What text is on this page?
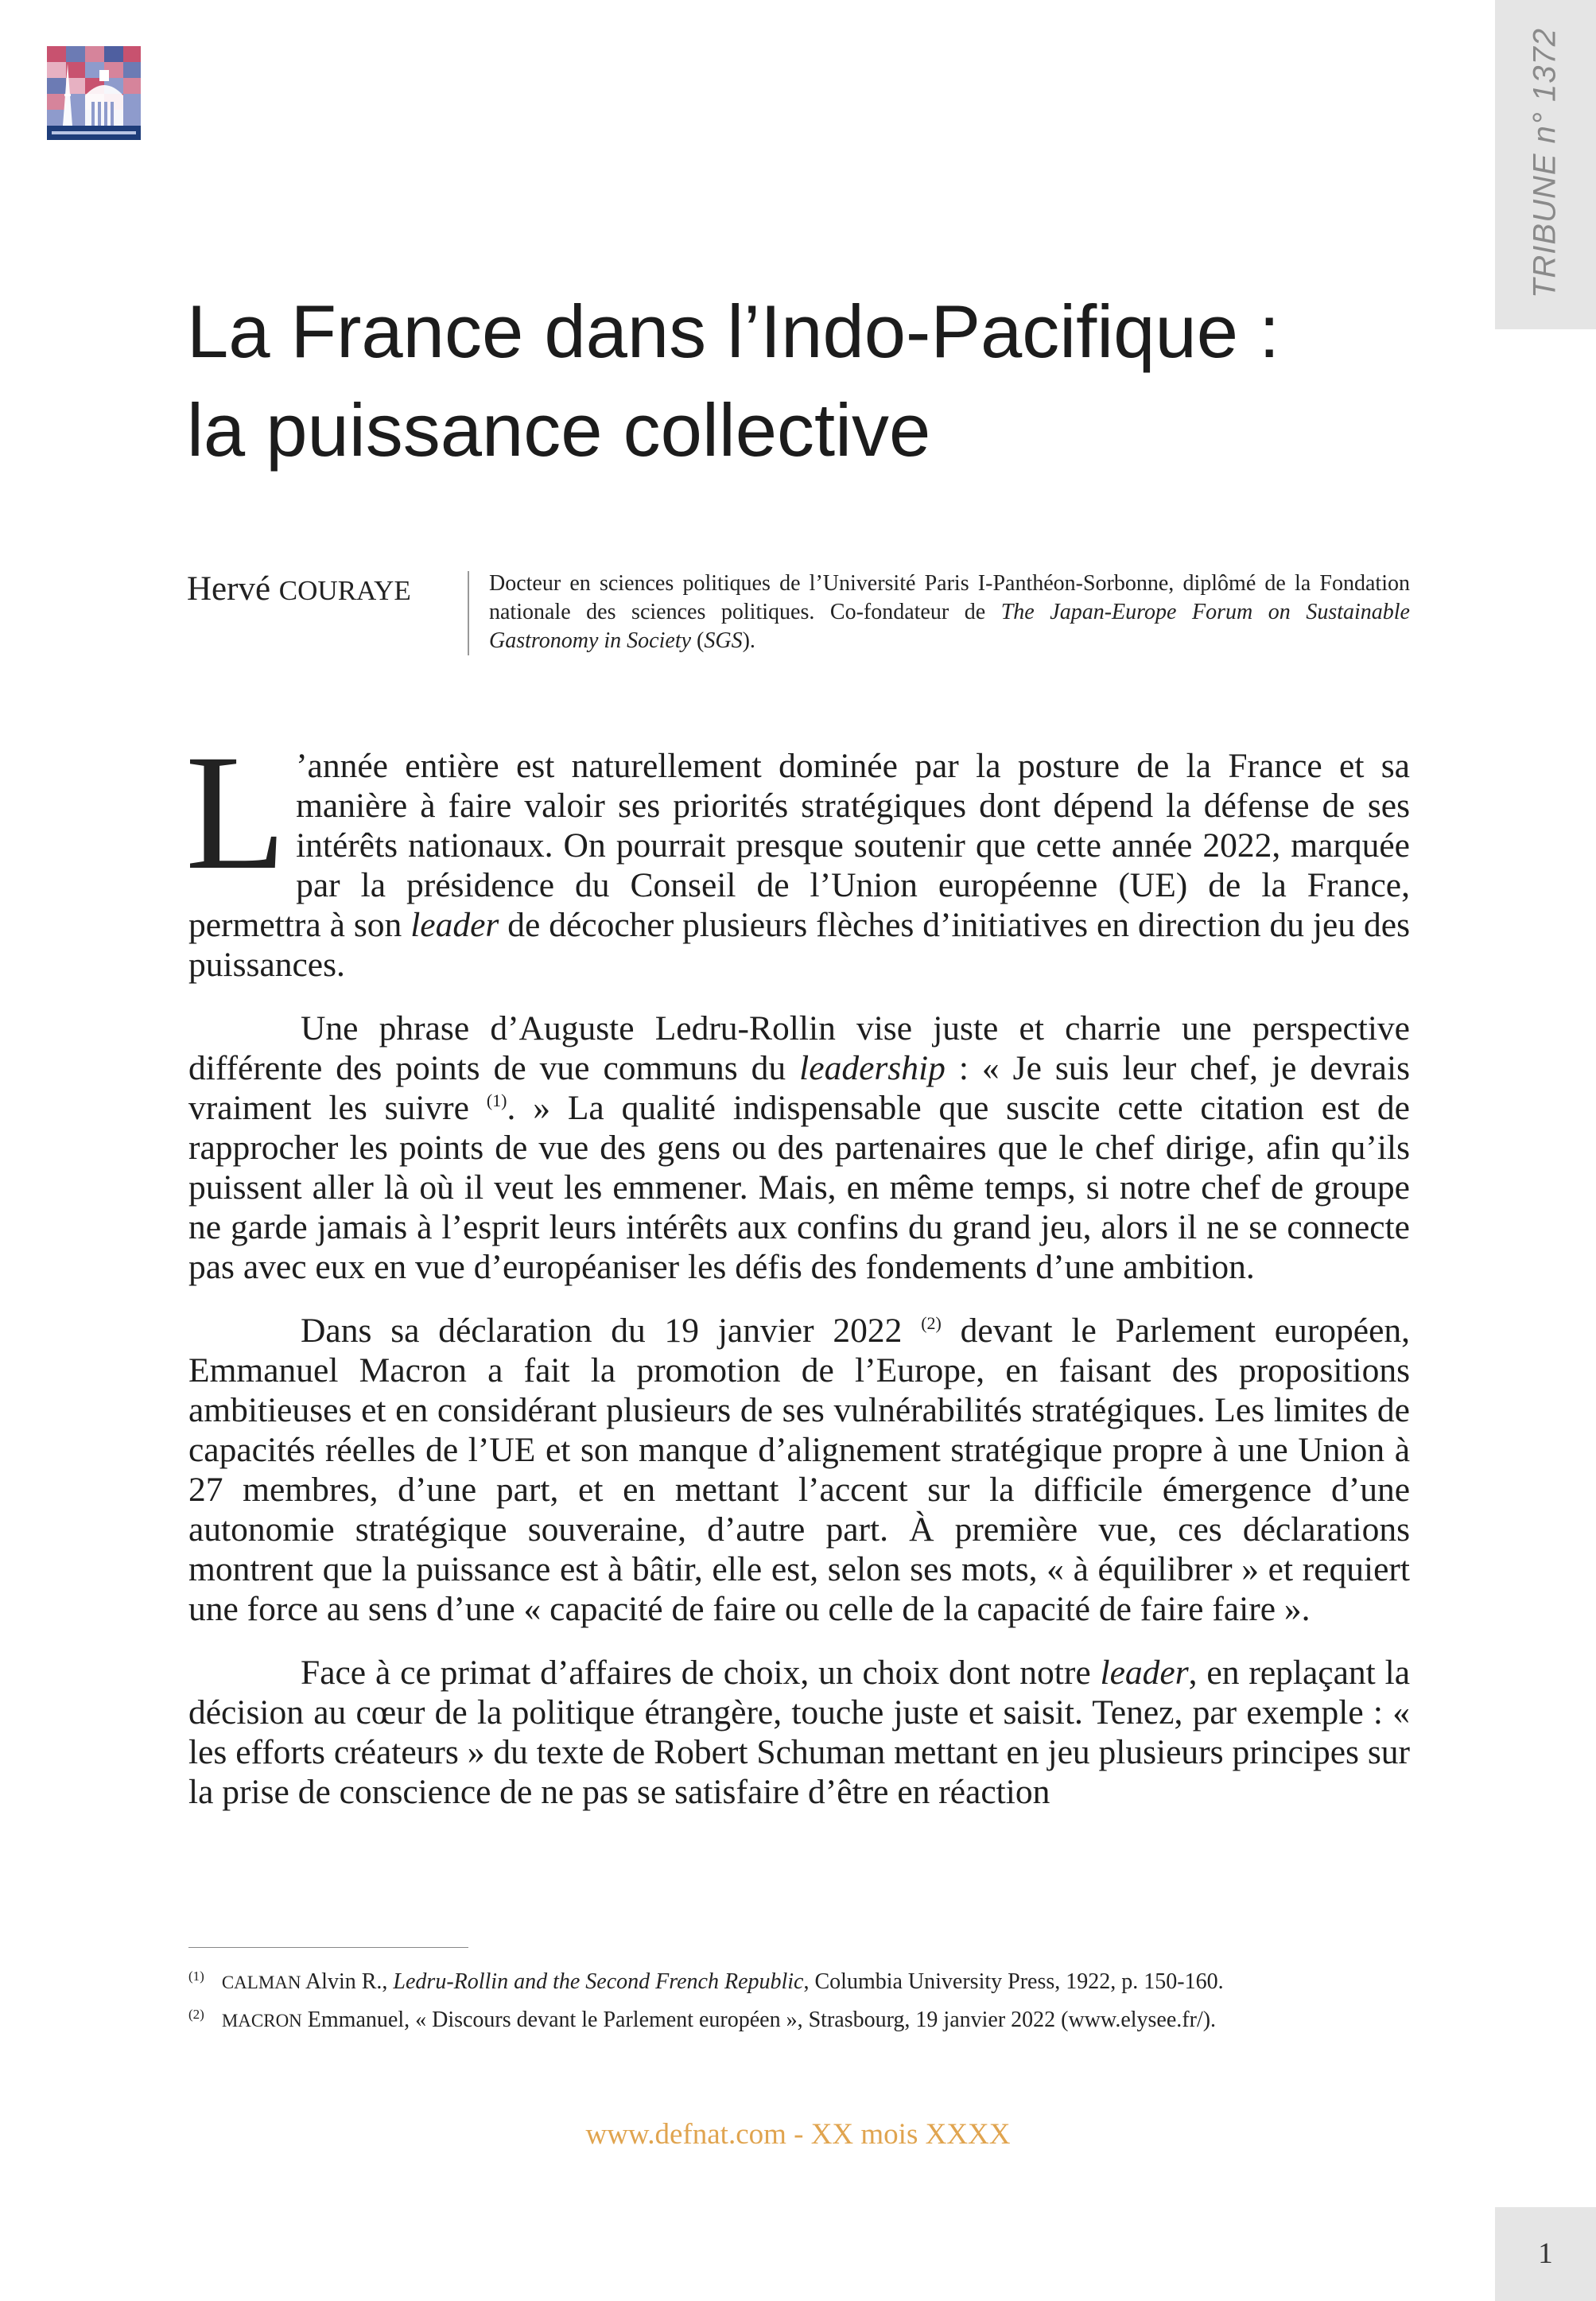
TRIBUNE n° 1372
La France dans l’Indo-Pacifique :
la puissance collective
Hervé COURAYE	Docteur en sciences politiques de l’Université Paris I-Panthéon-Sorbonne, diplômé de la Fondation nationale des sciences politiques. Co-fondateur de The Japan-Europe Forum on Sustainable Gastronomy in Society (SGS).

L ’année entière est naturellement dominée par la posture de la France et sa manière à faire valoir ses priorités stratégiques dont dépend la défense de ses intérêts nationaux. On pourrait presque soutenir que cette année 2022, marquée par la présidence du Conseil de l’Union européenne (UE) de la France, permettra à son leader de décocher plusieurs flèches d’initiatives en direction du jeu des puissances.

Une phrase d’Auguste Ledru-Rollin vise juste et charrie une perspective différente des points de vue communs du leadership : « Je suis leur chef, je devrais vraiment les suivre $^{(1)}$. » La qualité indispensable que suscite cette citation est de rapprocher les points de vue des gens ou des partenaires que le chef dirige, afin qu’ils puissent aller là où il veut les emmener. Mais, en même temps, si notre chef de groupe ne garde jamais à l’esprit leurs intérêts aux confins du grand jeu, alors il ne se connecte pas avec eux en vue d’européaniser les défis des fondements d’une ambition.

Dans sa déclaration du 19 janvier 2022 $^{(2)}$ devant le Parlement européen, Emmanuel Macron a fait la promotion de l’Europe, en faisant des propositions ambitieuses et en considérant plusieurs de ses vulnérabilités stratégiques. Les limites de capacités réelles de l’UE et son manque d’alignement stratégique propre à une Union à 27 membres, d’une part, et en mettant l’accent sur la difficile émergence d’une autonomie stratégique souveraine, d’autre part. À première vue, ces déclarations montrent que la puissance est à bâtir, elle est, selon ses mots, « à équilibrer » et requiert une force au sens d’une « capacité de faire ou celle de la capacité de faire faire ».

Face à ce primat d’affaires de choix, un choix dont notre leader, en replaçant la décision au cœur de la politique étrangère, touche juste et saisit. Tenez, par exemple : « les efforts créateurs » du texte de Robert Schuman mettant en jeu plusieurs principes sur la prise de conscience de ne pas se satisfaire d’être en réaction

$^{(1)}$ CALMAN Alvin R., Ledru-Rollin and the Second French Republic, Columbia University Press, 1922, p. 150-160.
$^{(2)}$ MACRON Emmanuel, « Discours devant le Parlement européen », Strasbourg, 19 janvier 2022 (www.elysee.fr/).
www.defnat.com - XX mois XXXX
1
